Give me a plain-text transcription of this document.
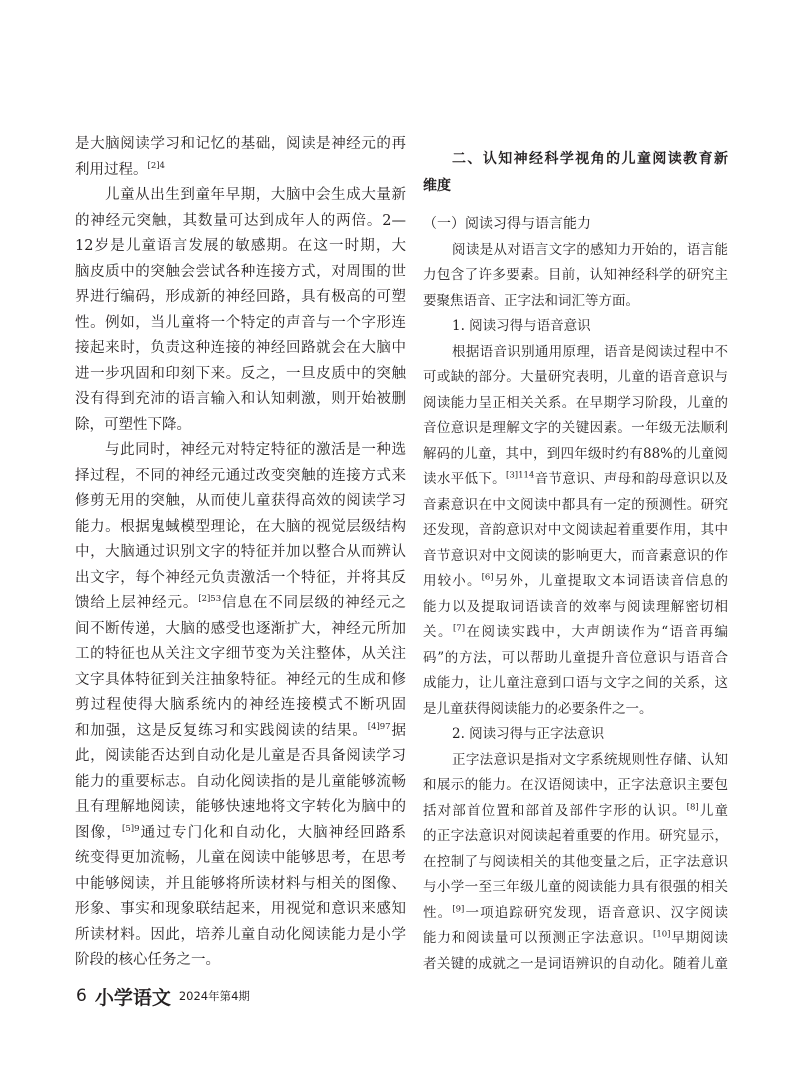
是大脑阅读学习和记忆的基础，阅读是神经元的再
利用过程。$^{[2]4}$
儿童从出生到童年早期，大脑中会生成大量新
的神经元突触，其数量可达到成年人的两倍。2—
12岁是儿童语言发展的敏感期。在这一时期，大
脑皮质中的突触会尝试各种连接方式，对周围的世
界进行编码，形成新的神经回路，具有极高的可塑
性。例如，当儿童将一个特定的声音与一个字形连
接起来时，负责这种连接的神经回路就会在大脑中
进一步巩固和印刻下来。反之，一旦皮质中的突触
没有得到充沛的语言输入和认知刺激，则开始被删
除，可塑性下降。
与此同时，神经元对特定特征的激活是一种选
择过程，不同的神经元通过改变突触的连接方式来
修剪无用的突触，从而使儿童获得高效的阅读学习
能力。根据鬼蜮模型理论，在大脑的视觉层级结构
中，大脑通过识别文字的特征并加以整合从而辨认
出文字，每个神经元负责激活一个特征，并将其反
馈给上层神经元。$^{[2]53}$信息在不同层级的神经元之
间不断传递，大脑的感受也逐渐扩大，神经元所加
工的特征也从关注文字细节变为关注整体，从关注
文字具体特征到关注抽象特征。神经元的生成和修
剪过程使得大脑系统内的神经连接模式不断巩固
和加强，这是反复练习和实践阅读的结果。$^{[4]97}$据
此，阅读能否达到自动化是儿童是否具备阅读学习
能力的重要标志。自动化阅读指的是儿童能够流畅
且有理解地阅读，能够快速地将文字转化为脑中的
图像，$^{[5]9}$通过专门化和自动化，大脑神经回路系
统变得更加流畅，儿童在阅读中能够思考，在思考
中能够阅读，并且能够将所读材料与相关的图像、
形象、事实和现象联结起来，用视觉和意识来感知
所读材料。因此，培养儿童自动化阅读能力是小学
阶段的核心任务之一。
二、认知神经科学视角的儿童阅读教育新
维度
（一）阅读习得与语言能力
阅读是从对语言文字的感知力开始的，语言能
力包含了许多要素。目前，认知神经科学的研究主
要聚焦语音、正字法和词汇等方面。
1. 阅读习得与语音意识
根据语音识别通用原理，语音是阅读过程中不
可或缺的部分。大量研究表明，儿童的语音意识与
阅读能力呈正相关关系。在早期学习阶段，儿童的
音位意识是理解文字的关键因素。一年级无法顺利
解码的儿童，其中，到四年级时约有88%的儿童阅
读水平低下。$^{[3]114}$音节意识、声母和韵母意识以及
音素意识在中文阅读中都具有一定的预测性。研究
还发现，音韵意识对中文阅读起着重要作用，其中
音节意识对中文阅读的影响更大，而音素意识的作
用较小。[6]另外，儿童提取文本词语读音信息的
能力以及提取词语读音的效率与阅读理解密切相
关。[7]在阅读实践中，大声朗读作为“语音再编
码”的方法，可以帮助儿童提升音位意识与语音合
成能力，让儿童注意到口语与文字之间的关系，这
是儿童获得阅读能力的必要条件之一。
2. 阅读习得与正字法意识
正字法意识是指对文字系统规则性存储、认知
和展示的能力。在汉语阅读中，正字法意识主要包
括对部首位置和部首及部件字形的认识。[8]儿童
的正字法意识对阅读起着重要的作用。研究显示，
在控制了与阅读相关的其他变量之后，正字法意识
与小学一至三年级儿童的阅读能力具有很强的相关
性。[9]一项追踪研究发现，语音意识、汉字阅读
能力和阅读量可以预测正字法意识。[10]早期阅读
者关键的成就之一是词语辨识的自动化。随着儿童
6 小学语文 2024年第4期
